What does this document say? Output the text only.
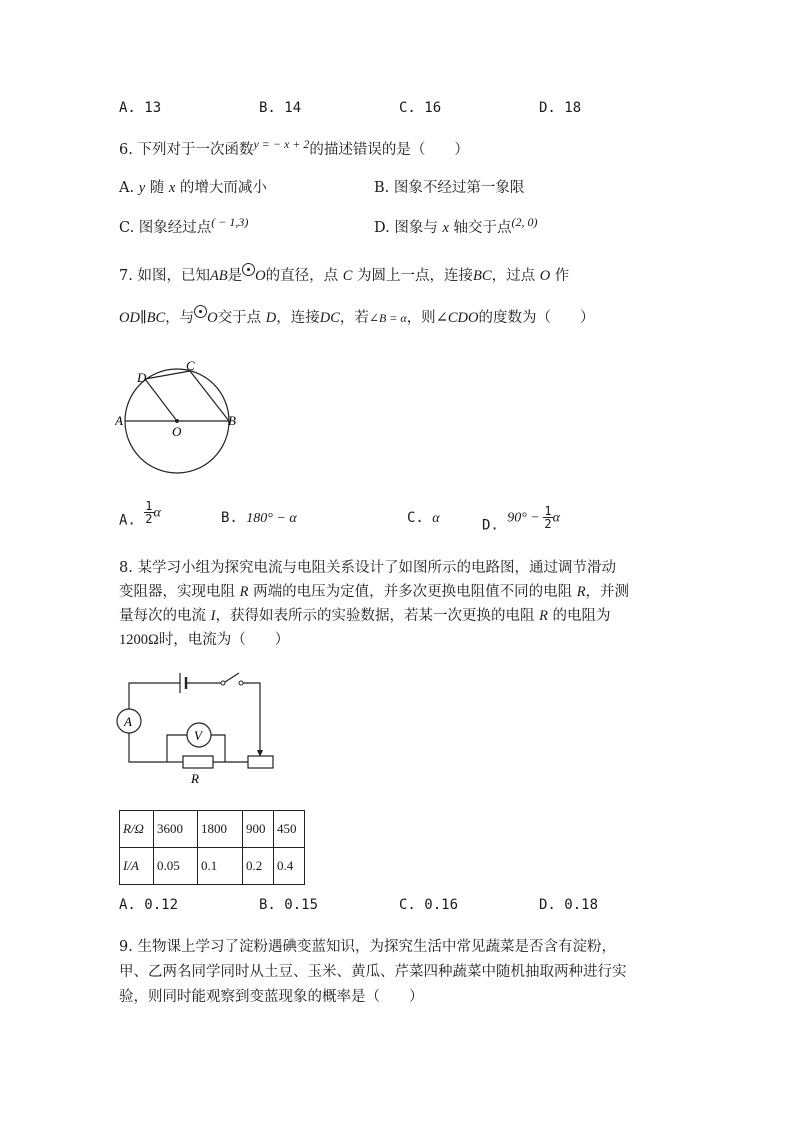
A. 13	B. 14	C. 16	D. 18
6. 下列对于一次函数$^{y = - x + 2}$的描述错误的是（　　）
A. y 随 x 的增大而减小	B. 图象不经过第一象限
C. 图象经过点$^{( - 1,3)}$	D. 图象与 x 轴交于点$^{(2, 0)}$
7. 如图，已知AB是 O的直径，点 C 为圆上一点，连接BC，过点 O 作
OD∥BC，与 O交于点 D，连接DC，若∠B = α，则∠CDO的度数为（　　）
A	B
C
D
O
A. $\frac{1}{2}$ α	B. 180° − α	C. α	D. $90^\circ - \frac{1}{2}$ α
8. 某学习小组为探究电流与电阻关系设计了如图所示的电路图，通过调节滑动
变阻器，实现电阻 R 两端的电压为定值，并多次更换电阻值不同的电阻 R，并测
量每次的电流 I，获得如表所示的实验数据，若某一次更换的电阻 R 的电阻为
1200Ω时，电流为（　　）
A
V
R
R/Ω	3600	1800	900	450
I/A	0.05	0.1	0.2	0.4
A. 0.12	B. 0.15	C. 0.16	D. 0.18
9. 生物课上学习了淀粉遇碘变蓝知识，为探究生活中常见蔬菜是否含有淀粉，
甲、乙两名同学同时从土豆、玉米、黄瓜、芹菜四种蔬菜中随机抽取两种进行实
验，则同时能观察到变蓝现象的概率是（　　）
